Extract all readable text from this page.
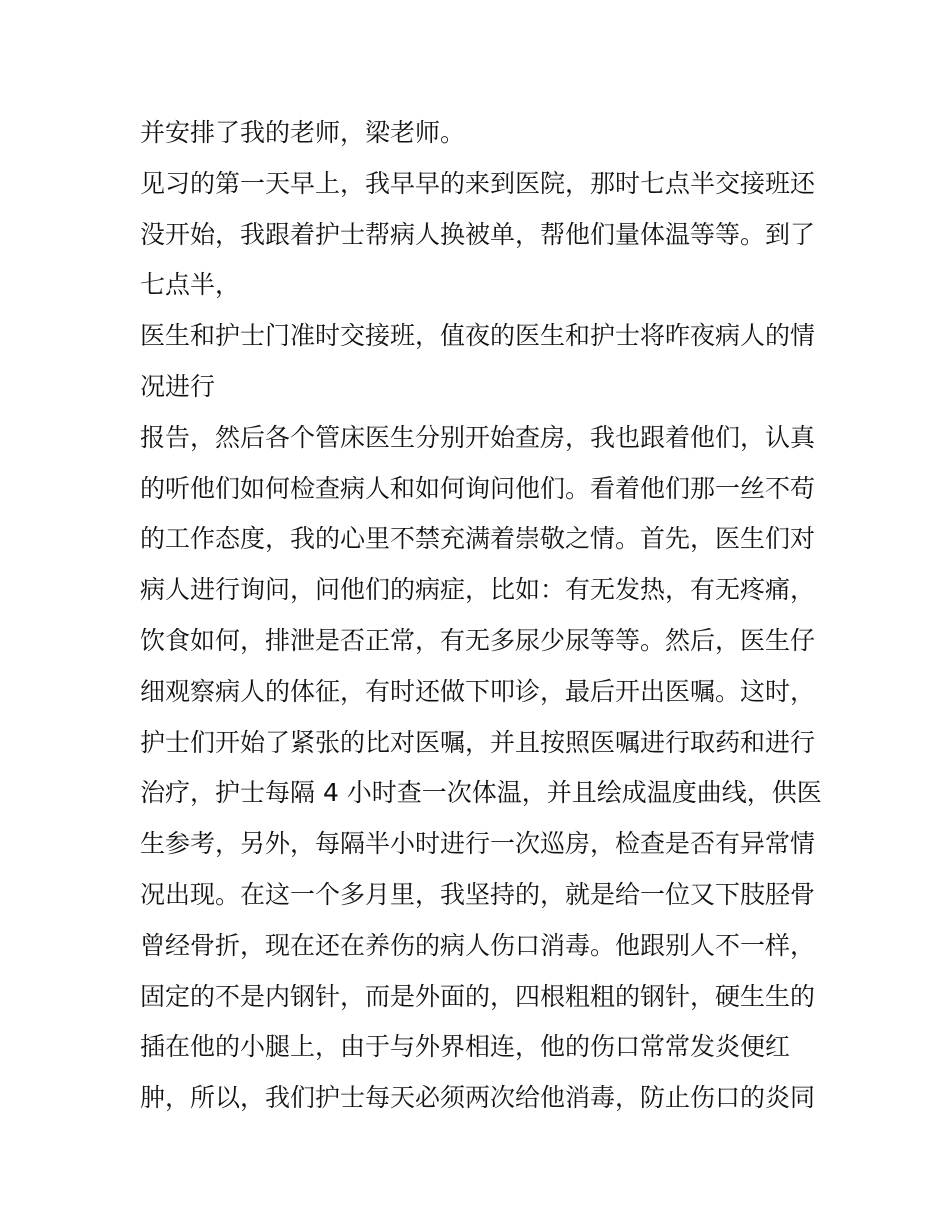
并安排了我的老师，梁老师。
见习的第一天早上，我早早的来到医院，那时七点半交接班还
没开始，我跟着护士帮病人换被单，帮他们量体温等等。到了
七点半，
医生和护士门准时交接班，值夜的医生和护士将昨夜病人的情
况进行
报告，然后各个管床医生分别开始查房，我也跟着他们，认真
的听他们如何检查病人和如何询问他们。看着他们那一丝不苟
的工作态度，我的心里不禁充满着崇敬之情。首先，医生们对
病人进行询问，问他们的病症，比如：有无发热，有无疼痛，
饮食如何，排泄是否正常，有无多尿少尿等等。然后，医生仔
细观察病人的体征，有时还做下叩诊，最后开出医嘱。这时，
护士们开始了紧张的比对医嘱，并且按照医嘱进行取药和进行
治疗，护士每隔 4 小时查一次体温，并且绘成温度曲线，供医
生参考，另外，每隔半小时进行一次巡房，检查是否有异常情
况出现。在这一个多月里，我坚持的，就是给一位又下肢胫骨
曾经骨折，现在还在养伤的病人伤口消毒。他跟别人不一样，
固定的不是内钢针，而是外面的，四根粗粗的钢针，硬生生的
插在他的小腿上，由于与外界相连，他的伤口常常发炎便红
肿，所以，我们护士每天必须两次给他消毒，防止伤口的炎同
